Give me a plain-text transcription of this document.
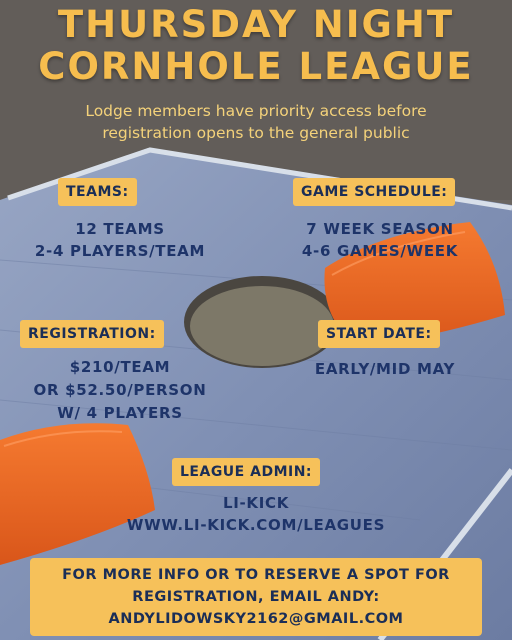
THURSDAY NIGHT
CORNHOLE LEAGUE
Lodge members have priority access before
registration opens to the general public
TEAMS:
12 TEAMS
2-4 PLAYERS/TEAM
GAME SCHEDULE:
7 WEEK SEASON
4-6 GAMES/WEEK
REGISTRATION:
$210/TEAM
OR $52.50/PERSON
W/ 4 PLAYERS
START DATE:
EARLY/MID MAY
LEAGUE ADMIN:
LI-KICK
WWW.LI-KICK.COM/LEAGUES
FOR MORE INFO OR TO RESERVE A SPOT FOR
REGISTRATION, EMAIL ANDY:
ANDYLIDOWSKY2162@GMAIL.COM
